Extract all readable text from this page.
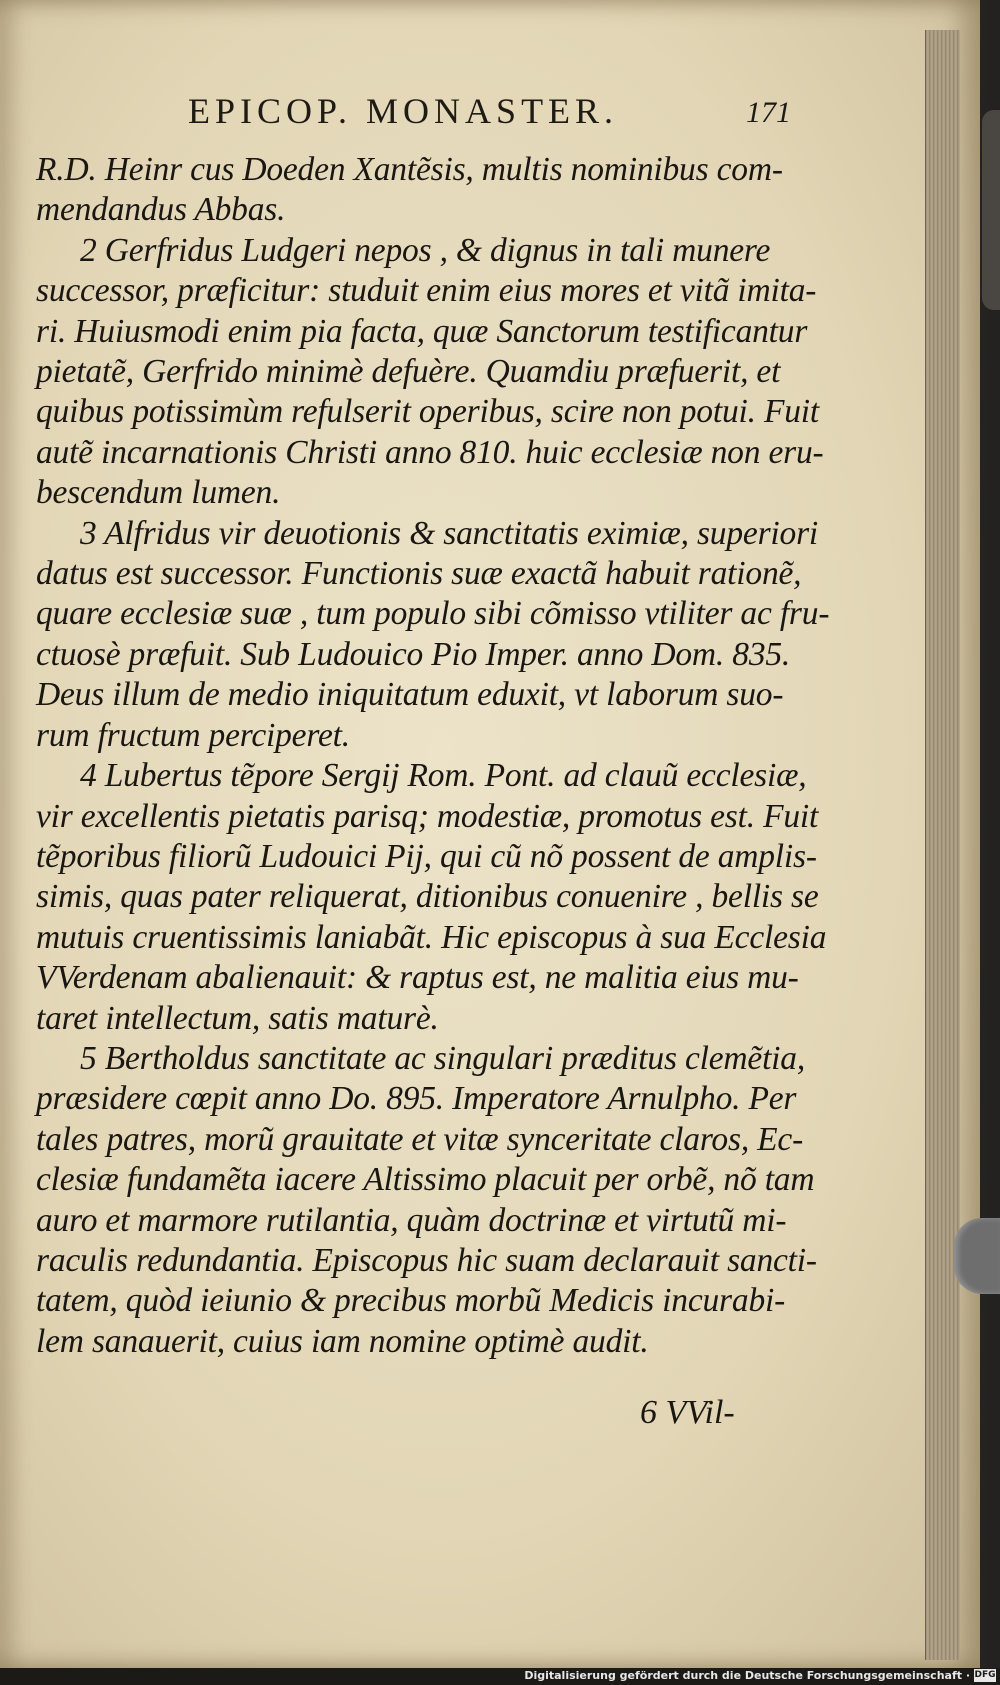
EPICOP. MONASTER.	171
R.D. Heinr cus Doeden Xantẽsis, multis nominibus com-
mendandus Abbas.
2 Gerfridus Ludgeri nepos , & dignus in tali munere
successor, præficitur: studuit enim eius mores et vitã imita-
ri. Huiusmodi enim pia facta, quæ Sanctorum testificantur
pietatẽ, Gerfrido minimè defuère. Quamdiu præfuerit, et
quibus potissimùm refulserit operibus, scire non potui. Fuit
autẽ incarnationis Christi anno 810. huic ecclesiæ non eru-
bescendum lumen.
3 Alfridus vir deuotionis & sanctitatis eximiæ, superiori
datus est successor. Functionis suæ exactã habuit rationẽ,
quare ecclesiæ suæ , tum populo sibi cõmisso vtiliter ac fru-
ctuosè præfuit. Sub Ludouico Pio Imper. anno Dom. 835.
Deus illum de medio iniquitatum eduxit, vt laborum suo-
rum fructum perciperet.
4 Lubertus tẽpore Sergij Rom. Pont. ad clauũ ecclesiæ,
vir excellentis pietatis parisq; modestiæ, promotus est. Fuit
tẽporibus filiorũ Ludouici Pij, qui cũ nõ possent de amplis-
simis, quas pater reliquerat, ditionibus conuenire , bellis se
mutuis cruentissimis laniabãt. Hic episcopus à sua Ecclesia
VVerdenam abalienauit: & raptus est, ne malitia eius mu-
taret intellectum, satis maturè.
5 Bertholdus sanctitate ac singulari præditus clemẽtia,
præsidere cœpit anno Do. 895. Imperatore Arnulpho. Per
tales patres, morũ grauitate et vitæ synceritate claros, Ec-
clesiæ fundamẽta iacere Altissimo placuit per orbẽ, nõ tam
auro et marmore rutilantia, quàm doctrinæ et virtutũ mi-
raculis redundantia. Episcopus hic suam declarauit sancti-
tatem, quòd ieiunio & precibus morbũ Medicis incurabi-
lem sanauerit, cuius iam nomine optimè audit.
6 VVil-
Digitalisierung gefördert durch die Deutsche Forschungsgemeinschaft · DFG
